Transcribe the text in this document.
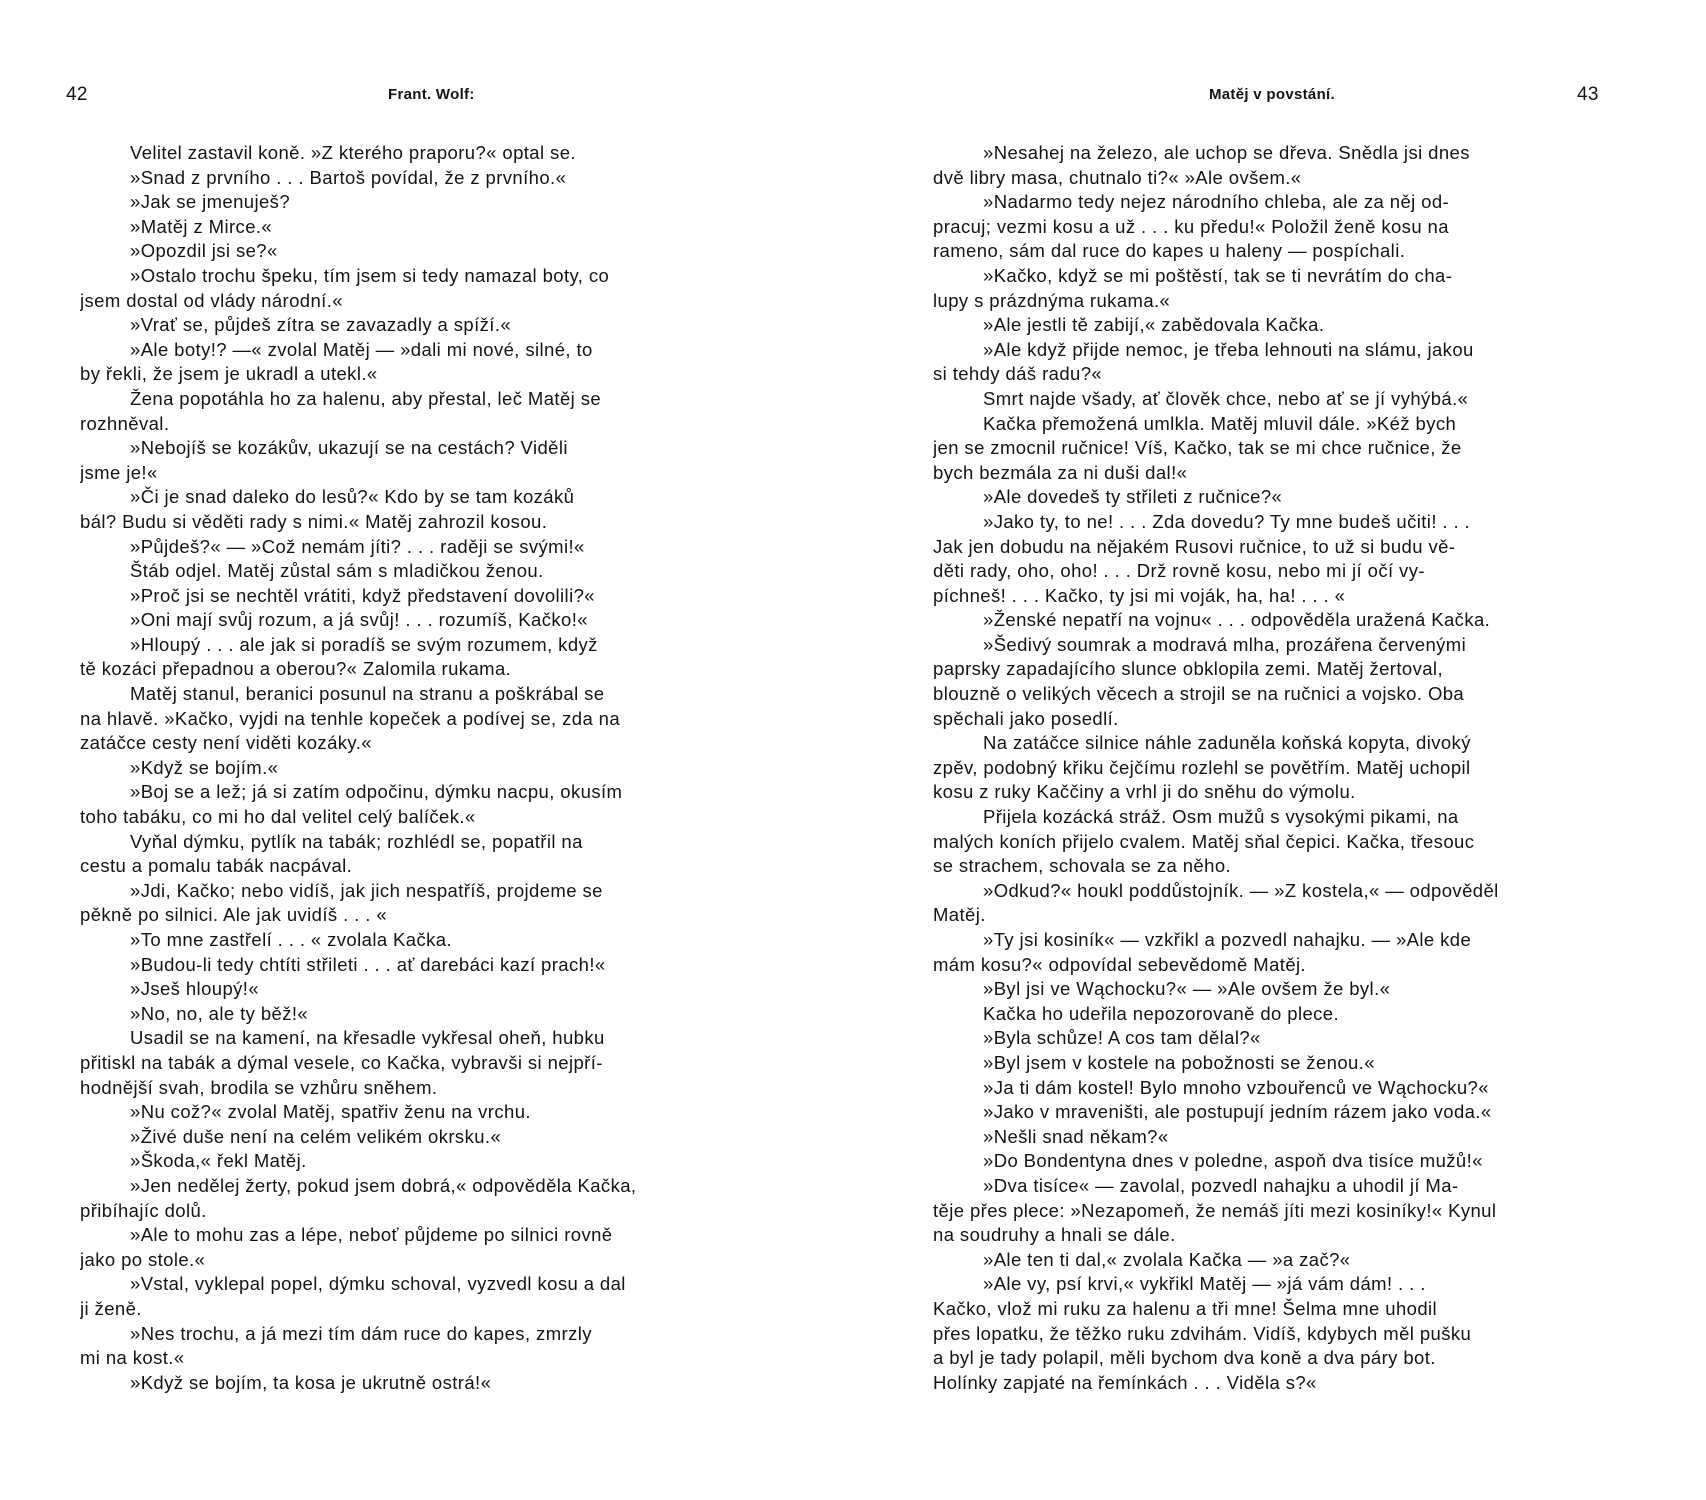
42	Frant. Wolf:
Velitel zastavil koně. »Z kterého praporu?« optal se.
»Snad z prvního . . . Bartoš povídal, že z prvního.«
»Jak se jmenuješ?
»Matěj z Mirce.«
»Opozdil jsi se?«
»Ostalo trochu špeku, tím jsem si tedy namazal boty, co
jsem dostal od vlády národní.«
»Vrať se, půjdeš zítra se zavazadly a spíží.«
»Ale boty!? —« zvolal Matěj — »dali mi nové, silné, to
by řekli, že jsem je ukradl a utekl.«
Žena popotáhla ho za halenu, aby přestal, leč Matěj se
rozhněval.
»Nebojíš se kozákův, ukazují se na cestách? Viděli
jsme je!«
»Či je snad daleko do lesů?« Kdo by se tam kozáků
bál? Budu si věděti rady s nimi.« Matěj zahrozil kosou.
»Půjdeš?« — »Což nemám jíti? . . . raději se svými!«
Štáb odjel. Matěj zůstal sám s mladičkou ženou.
»Proč jsi se nechtěl vrátiti, když představení dovolili?«
»Oni mají svůj rozum, a já svůj! . . . rozumíš, Kačko!«
»Hloupý . . . ale jak si poradíš se svým rozumem, když
tě kozáci přepadnou a oberou?« Zalomila rukama.
Matěj stanul, beranici posunul na stranu a poškrábal se
na hlavě. »Kačko, vyjdi na tenhle kopeček a podívej se, zda na
zatáčce cesty není viděti kozáky.«
»Když se bojím.«
»Boj se a lež; já si zatím odpočinu, dýmku nacpu, okusím
toho tabáku, co mi ho dal velitel celý balíček.«
Vyňal dýmku, pytlík na tabák; rozhlédl se, popatřil na
cestu a pomalu tabák nacpával.
»Jdi, Kačko; nebo vidíš, jak jich nespatříš, projdeme se
pěkně po silnici. Ale jak uvidíš . . . «
»To mne zastřelí . . . « zvolala Kačka.
»Budou-li tedy chtíti střileti . . . ať darebáci kazí prach!«
»Jseš hloupý!«
»No, no, ale ty běž!«
Usadil se na kamení, na křesadle vykřesal oheň, hubku
přitiskl na tabák a dýmal vesele, co Kačka, vybravši si nejpří-
hodnější svah, brodila se vzhůru sněhem.
»Nu což?« zvolal Matěj, spatřiv ženu na vrchu.
»Živé duše není na celém velikém okrsku.«
»Škoda,« řekl Matěj.
»Jen nedělej žerty, pokud jsem dobrá,« odpověděla Kačka,
přibíhajíc dolů.
»Ale to mohu zas a lépe, neboť půjdeme po silnici rovně
jako po stole.«
»Vstal, vyklepal popel, dýmku schoval, vyzvedl kosu a dal
ji ženě.
»Nes trochu, a já mezi tím dám ruce do kapes, zmrzly
mi na kost.«
»Když se bojím, ta kosa je ukrutně ostrá!«
Matěj v povstání.	43
»Nesahej na železo, ale uchop se dřeva. Snědla jsi dnes
dvě libry masa, chutnalo ti?« »Ale ovšem.«
»Nadarmo tedy nejez národního chleba, ale za něj od-
pracuj; vezmi kosu a už . . . ku předu!« Položil ženě kosu na
rameno, sám dal ruce do kapes u haleny — pospíchali.
»Kačko, když se mi poštěstí, tak se ti nevrátím do cha-
lupy s prázdnýma rukama.«
»Ale jestli tě zabijí,« zabědovala Kačka.
»Ale když přijde nemoc, je třeba lehnouti na slámu, jakou
si tehdy dáš radu?«
Smrt najde všady, ať člověk chce, nebo ať se jí vyhýbá.«
Kačka přemožená umlkla. Matěj mluvil dále. »Kéž bych
jen se zmocnil ručnice! Víš, Kačko, tak se mi chce ručnice, že
bych bezmála za ni duši dal!«
»Ale dovedeš ty střileti z ručnice?«
»Jako ty, to ne! . . . Zda dovedu? Ty mne budeš učiti! . . .
Jak jen dobudu na nějakém Rusovi ručnice, to už si budu vě-
děti rady, oho, oho! . . . Drž rovně kosu, nebo mi jí očí vy-
píchneš! . . . Kačko, ty jsi mi voják, ha, ha! . . . «
»Ženské nepatří na vojnu« . . . odpověděla uražená Kačka.
»Šedivý soumrak a modravá mlha, prozářena červenými
paprsky zapadajícího slunce obklopila zemi. Matěj žertoval,
blouzně o velikých věcech a strojil se na ručnici a vojsko. Oba
spěchali jako posedlí.
Na zatáčce silnice náhle zaduněla koňská kopyta, divoký
zpěv, podobný křiku čejčímu rozlehl se povětřím. Matěj uchopil
kosu z ruky Kaččiny a vrhl ji do sněhu do výmolu.
Přijela kozácká stráž. Osm mužů s vysokými pikami, na
malých koních přijelo cvalem. Matěj sňal čepici. Kačka, třesouc
se strachem, schovala se za něho.
»Odkud?« houkl poddůstojník. — »Z kostela,« — odpověděl
Matěj.
»Ty jsi kosiník« — vzkřikl a pozvedl nahajku. — »Ale kde
mám kosu?« odpovídal sebevědomě Matěj.
»Byl jsi ve Wąchocku?« — »Ale ovšem že byl.«
Kačka ho udeřila nepozorovaně do plece.
»Byla schůze! A cos tam dělal?«
»Byl jsem v kostele na pobožnosti se ženou.«
»Ja ti dám kostel! Bylo mnoho vzbouřenců ve Wąchocku?«
»Jako v mraveništi, ale postupují jedním rázem jako voda.«
»Nešli snad někam?«
»Do Bondentyna dnes v poledne, aspoň dva tisíce mužů!«
»Dva tisíce« — zavolal, pozvedl nahajku a uhodil jí Ma-
těje přes plece: »Nezapomeň, že nemáš jíti mezi kosiníky!« Kynul
na soudruhy a hnali se dále.
»Ale ten ti dal,« zvolala Kačka — »a zač?«
»Ale vy, psí krvi,« vykřikl Matěj — »já vám dám! . . .
Kačko, vlož mi ruku za halenu a tři mne! Šelma mne uhodil
přes lopatku, že těžko ruku zdvihám. Vidíš, kdybych měl pušku
a byl je tady polapil, měli bychom dva koně a dva páry bot.
Holínky zapjaté na řemínkách . . . Viděla s?«
